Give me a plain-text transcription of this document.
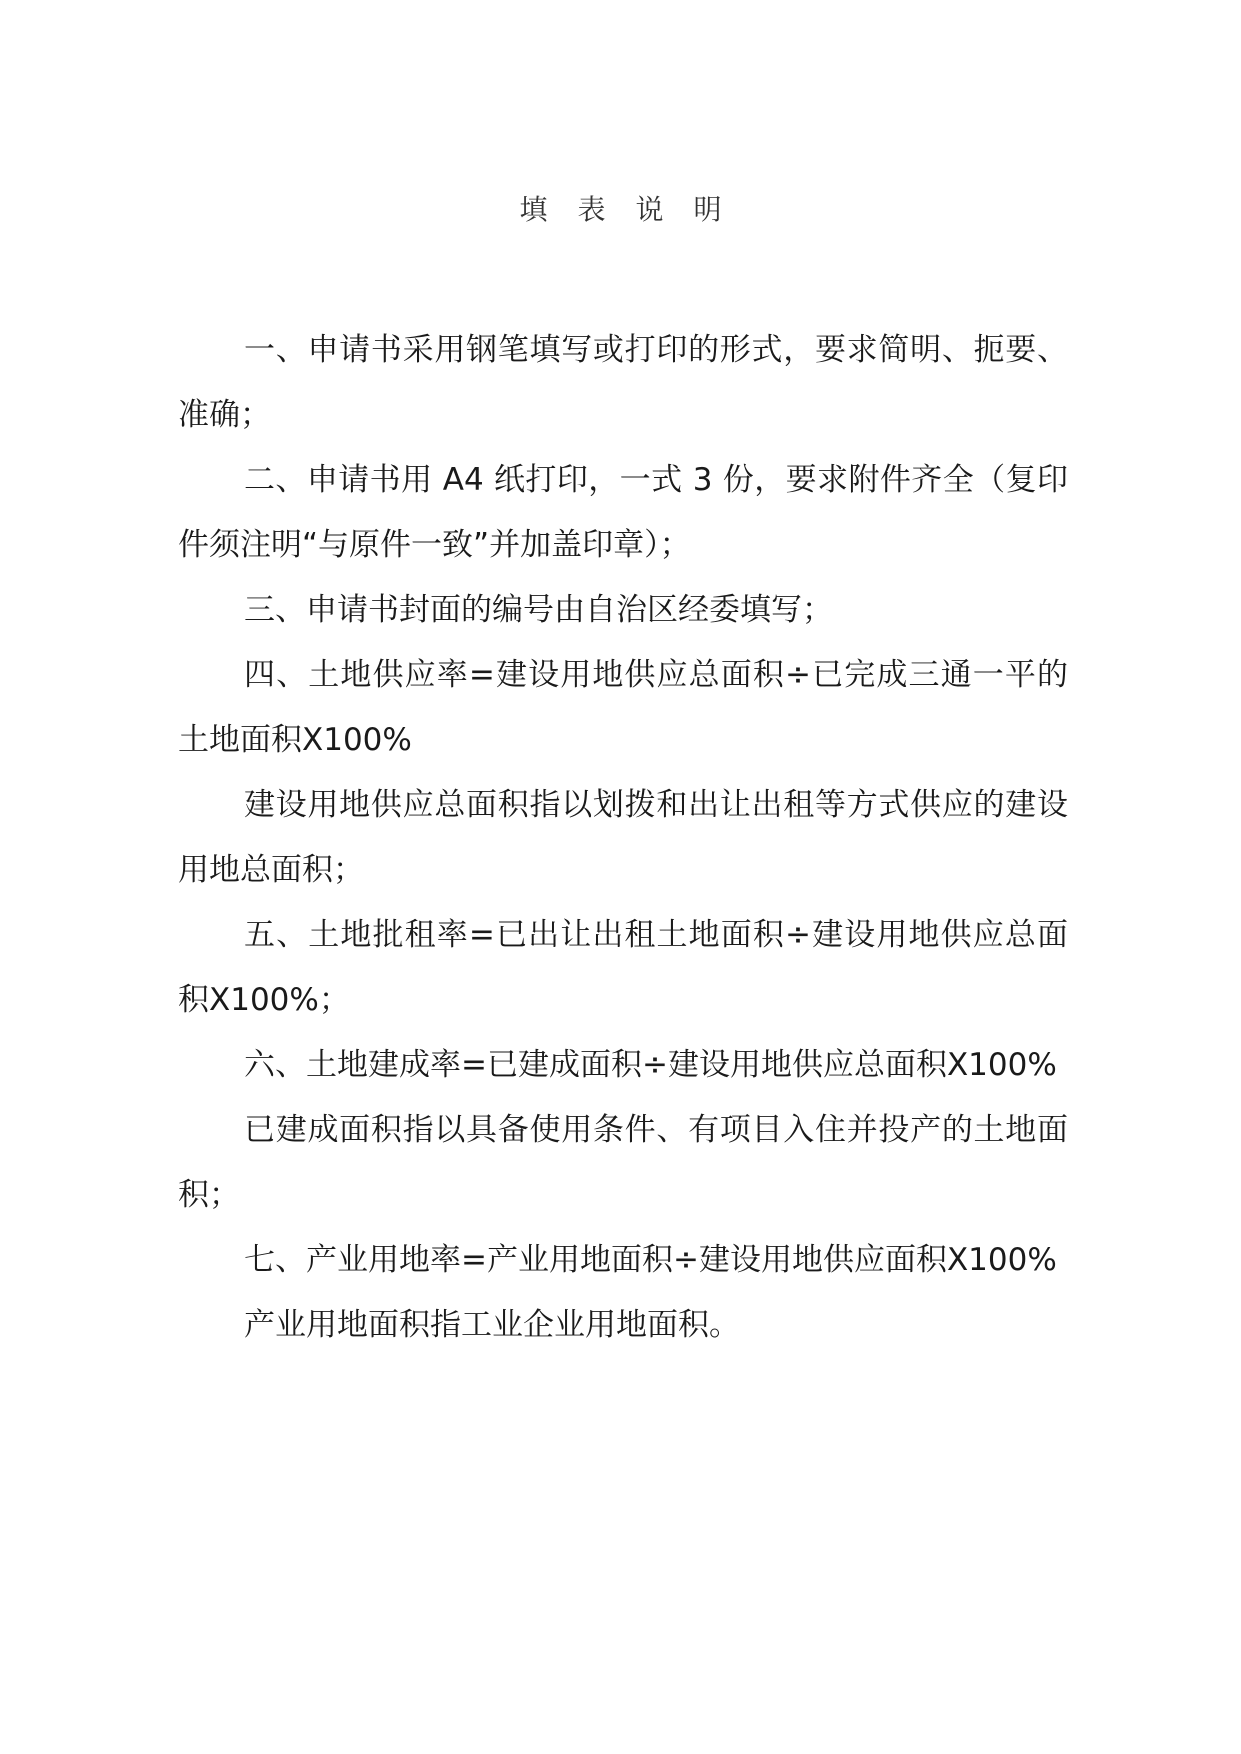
填表说明

一、申请书采用钢笔填写或打印的形式，要求简明、扼要、准确；

二、申请书用 A4 纸打印，一式 3 份，要求附件齐全（复印件须注明“与原件一致”并加盖印章）；

三、申请书封面的编号由自治区经委填写；

四、土地供应率=建设用地供应总面积÷已完成三通一平的土地面积X100%

建设用地供应总面积指以划拨和出让出租等方式供应的建设用地总面积；

五、土地批租率=已出让出租土地面积÷建设用地供应总面积X100%；

六、土地建成率=已建成面积÷建设用地供应总面积X100%

已建成面积指以具备使用条件、有项目入住并投产的土地面积；

七、产业用地率=产业用地面积÷建设用地供应面积X100%

产业用地面积指工业企业用地面积。
